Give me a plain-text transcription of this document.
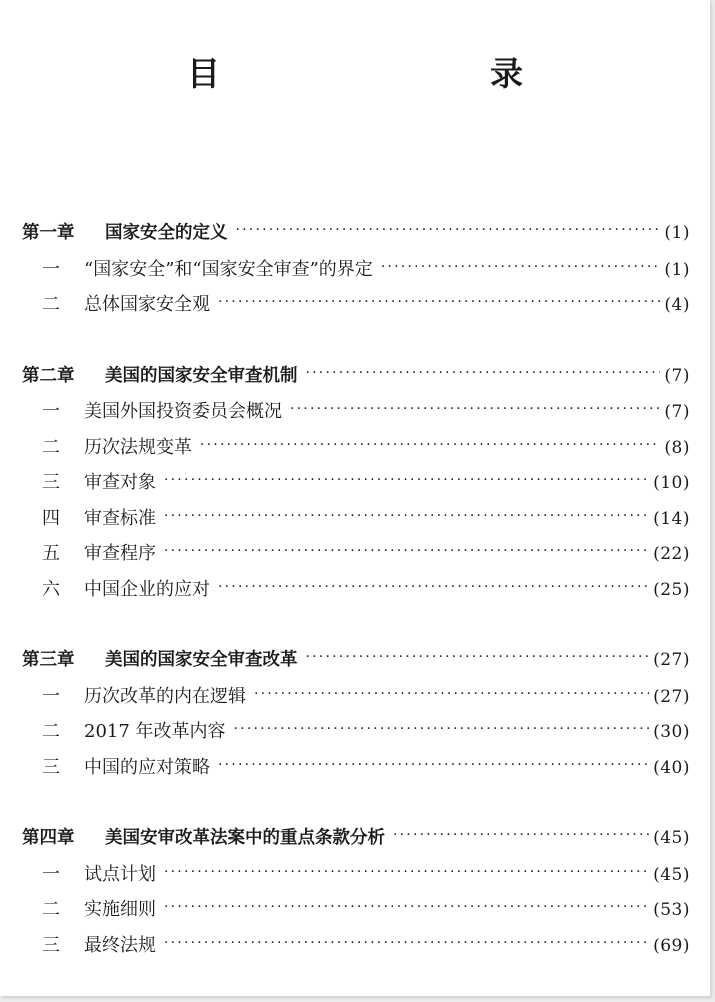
目　　录
第一章	国家安全的定义 ·····	(1)
一	“国家安全”和“国家安全审查”的界定 ·····	(1)
二	总体国家安全观 ·····	(4)
第二章	美国的国家安全审查机制 ·····	(7)
一	美国外国投资委员会概况 ·····	(7)
二	历次法规变革 ·····	(8)
三	审查对象 ·····	(10)
四	审查标准 ·····	(14)
五	审查程序 ·····	(22)
六	中国企业的应对 ·····	(25)
第三章	美国的国家安全审查改革 ·····	(27)
一	历次改革的内在逻辑 ·····	(27)
二	2017 年改革内容 ·····	(30)
三	中国的应对策略 ·····	(40)
第四章	美国安审改革法案中的重点条款分析 ·····	(45)
一	试点计划 ·····	(45)
二	实施细则 ·····	(53)
三	最终法规 ·····	(69)
